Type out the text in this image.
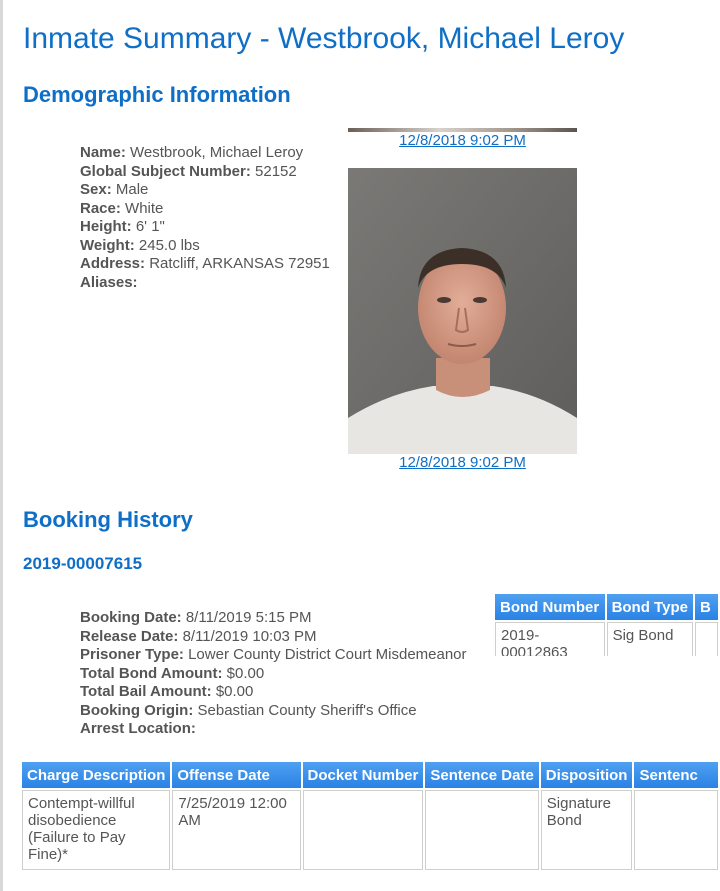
Inmate Summary - Westbrook, Michael Leroy
Demographic Information
Name: Westbrook, Michael Leroy
Global Subject Number: 52152
Sex: Male
Race: White
Height: 6' 1"
Weight: 245.0 lbs
Address: Ratcliff, ARKANSAS 72951
Aliases:
12/8/2018 9:02 PM
12/8/2018 9:02 PM
Booking History
2019-00007615
Booking Date: 8/11/2019 5:15 PM
Release Date: 8/11/2019 10:03 PM
Prisoner Type: Lower County District Court Misdemeanor
Total Bond Amount: $0.00
Total Bail Amount: $0.00
Booking Origin: Sebastian County Sheriff's Office
Arrest Location:
Bond Number	Bond Type	B
2019-00012863	Sig Bond	
Charge Description	Offense Date	Docket Number	Sentence Date	Disposition	Sentenc
Contempt-willful disobedience (Failure to Pay Fine)*	7/25/2019 12:00 AM			Signature Bond	
